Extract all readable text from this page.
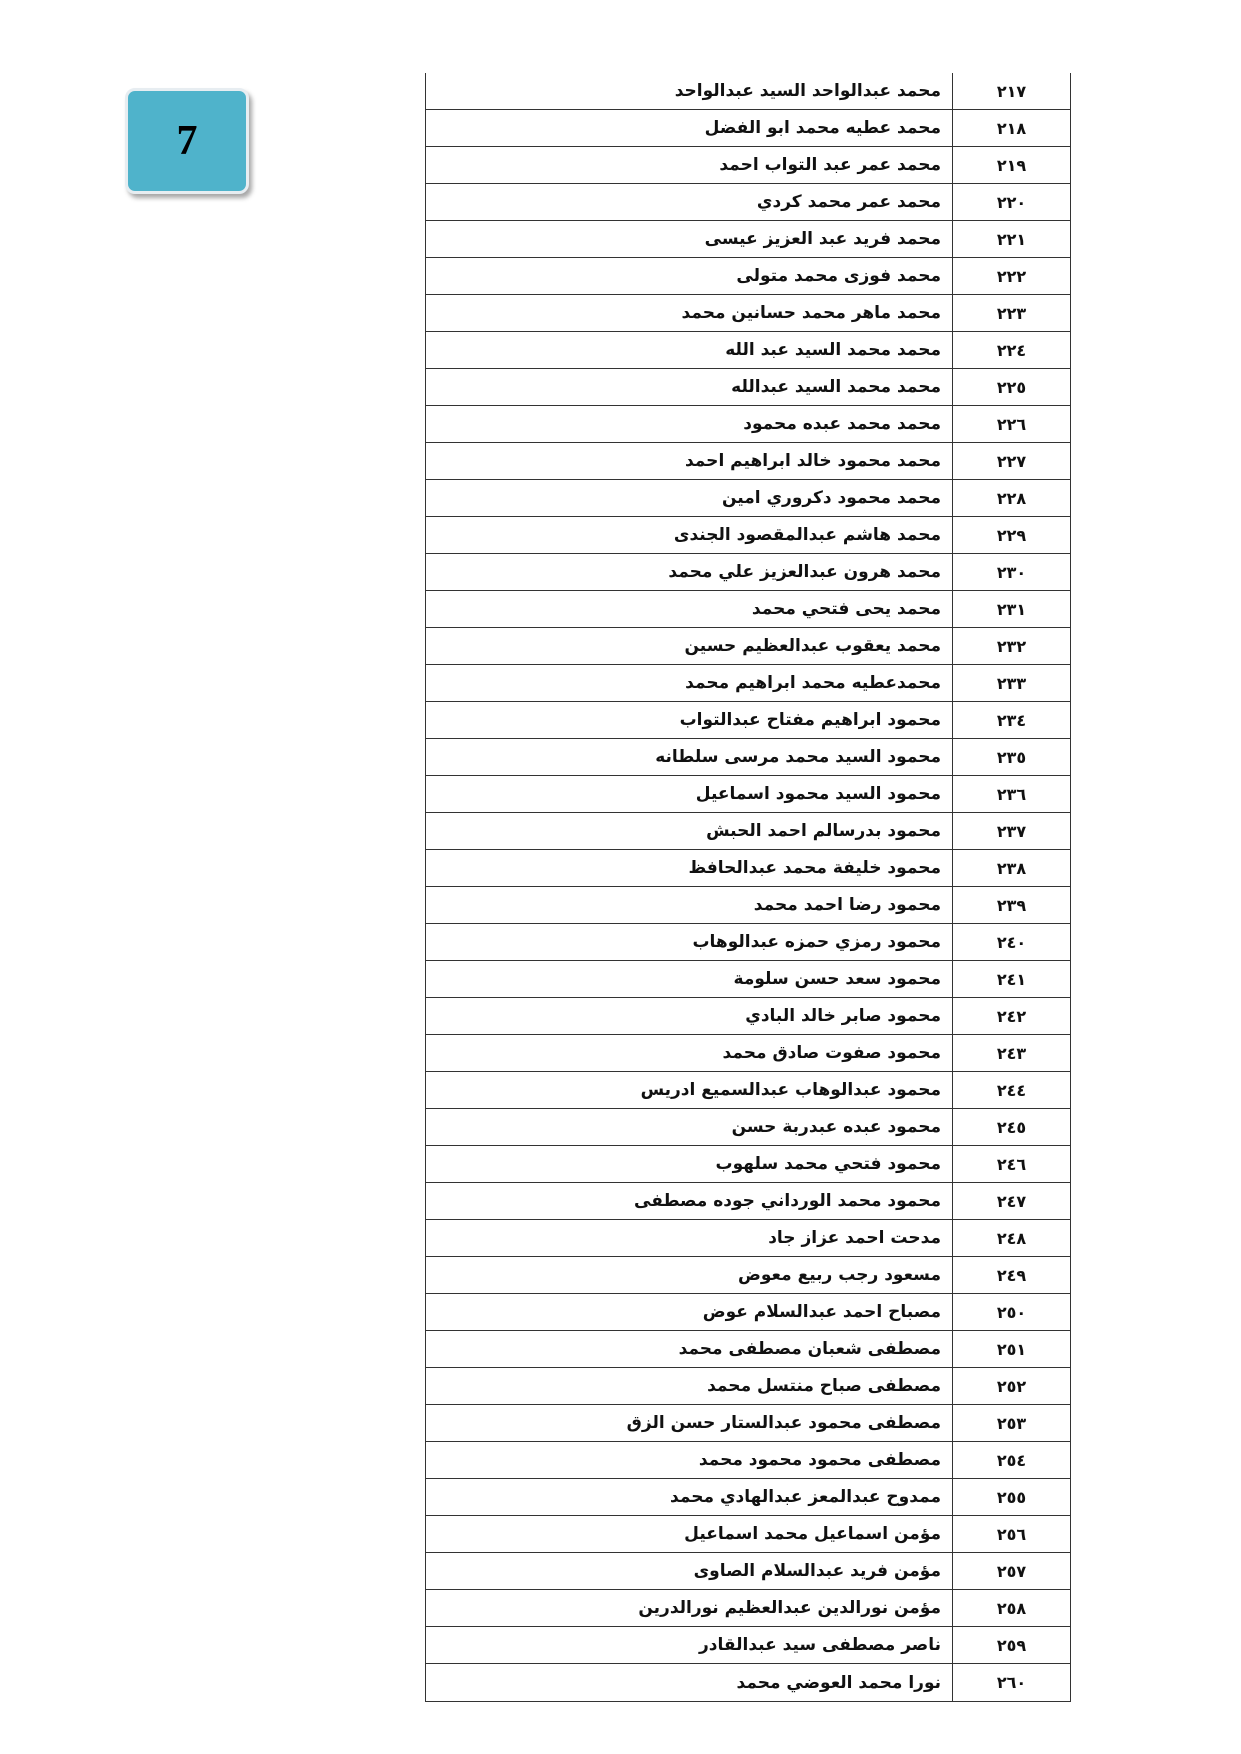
7
محمد عبدالواحد السيد عبدالواحد	٢١٧
محمد عطيه محمد ابو الفضل	٢١٨
محمد عمر عبد التواب احمد	٢١٩
محمد عمر محمد كردي	٢٢٠
محمد فريد عبد العزيز عيسى	٢٢١
محمد فوزى محمد متولى	٢٢٢
محمد ماهر محمد حسانين محمد	٢٢٣
محمد محمد السيد عبد الله	٢٢٤
محمد محمد السيد عبدالله	٢٢٥
محمد محمد عبده محمود	٢٢٦
محمد محمود خالد ابراهيم احمد	٢٢٧
محمد محمود دكروري امين	٢٢٨
محمد هاشم عبدالمقصود الجندى	٢٢٩
محمد هرون عبدالعزيز علي محمد	٢٣٠
محمد يحى فتحي محمد	٢٣١
محمد يعقوب عبدالعظيم حسين	٢٣٢
محمدعطيه محمد ابراهيم محمد	٢٣٣
محمود ابراهيم مفتاح عبدالتواب	٢٣٤
محمود السيد محمد مرسى سلطانه	٢٣٥
محمود السيد محمود اسماعيل	٢٣٦
محمود بدرسالم احمد الحبش	٢٣٧
محمود خليفة محمد عبدالحافظ	٢٣٨
محمود رضا احمد محمد	٢٣٩
محمود رمزي حمزه عبدالوهاب	٢٤٠
محمود سعد حسن سلومة	٢٤١
محمود صابر خالد البادي	٢٤٢
محمود صفوت صادق محمد	٢٤٣
محمود عبدالوهاب عبدالسميع ادريس	٢٤٤
محمود عبده عبدربة حسن	٢٤٥
محمود فتحي محمد سلهوب	٢٤٦
محمود محمد الورداني جوده مصطفى	٢٤٧
مدحت احمد عزاز جاد	٢٤٨
مسعود رجب ربيع معوض	٢٤٩
مصباح احمد عبدالسلام عوض	٢٥٠
مصطفى شعبان مصطفى محمد	٢٥١
مصطفى صباح منتسل محمد	٢٥٢
مصطفى محمود عبدالستار حسن الزق	٢٥٣
مصطفى محمود محمود محمد	٢٥٤
ممدوح عبدالمعز عبدالهادي محمد	٢٥٥
مؤمن اسماعيل محمد اسماعيل	٢٥٦
مؤمن فريد عبدالسلام الصاوى	٢٥٧
مؤمن نورالدين عبدالعظيم نورالدرين	٢٥٨
ناصر مصطفى سيد عبدالقادر	٢٥٩
نورا محمد العوضي محمد	٢٦٠
